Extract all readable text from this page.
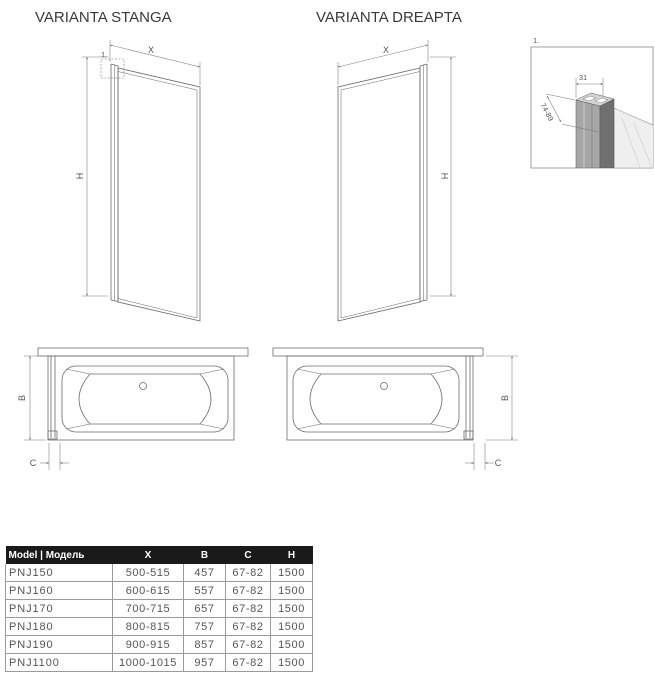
VARIANTA STANGA	VARIANTA DREAPTA
1.	X
H
X
H
1.
31
74-89
B
C
B
C
Model | Модель	X	B	C	H
PNJ150	500-515	457	67-82	1500
PNJ160	600-615	557	67-82	1500
PNJ170	700-715	657	67-82	1500
PNJ180	800-815	757	67-82	1500
PNJ190	900-915	857	67-82	1500
PNJ1100	1000-1015	957	67-82	1500
